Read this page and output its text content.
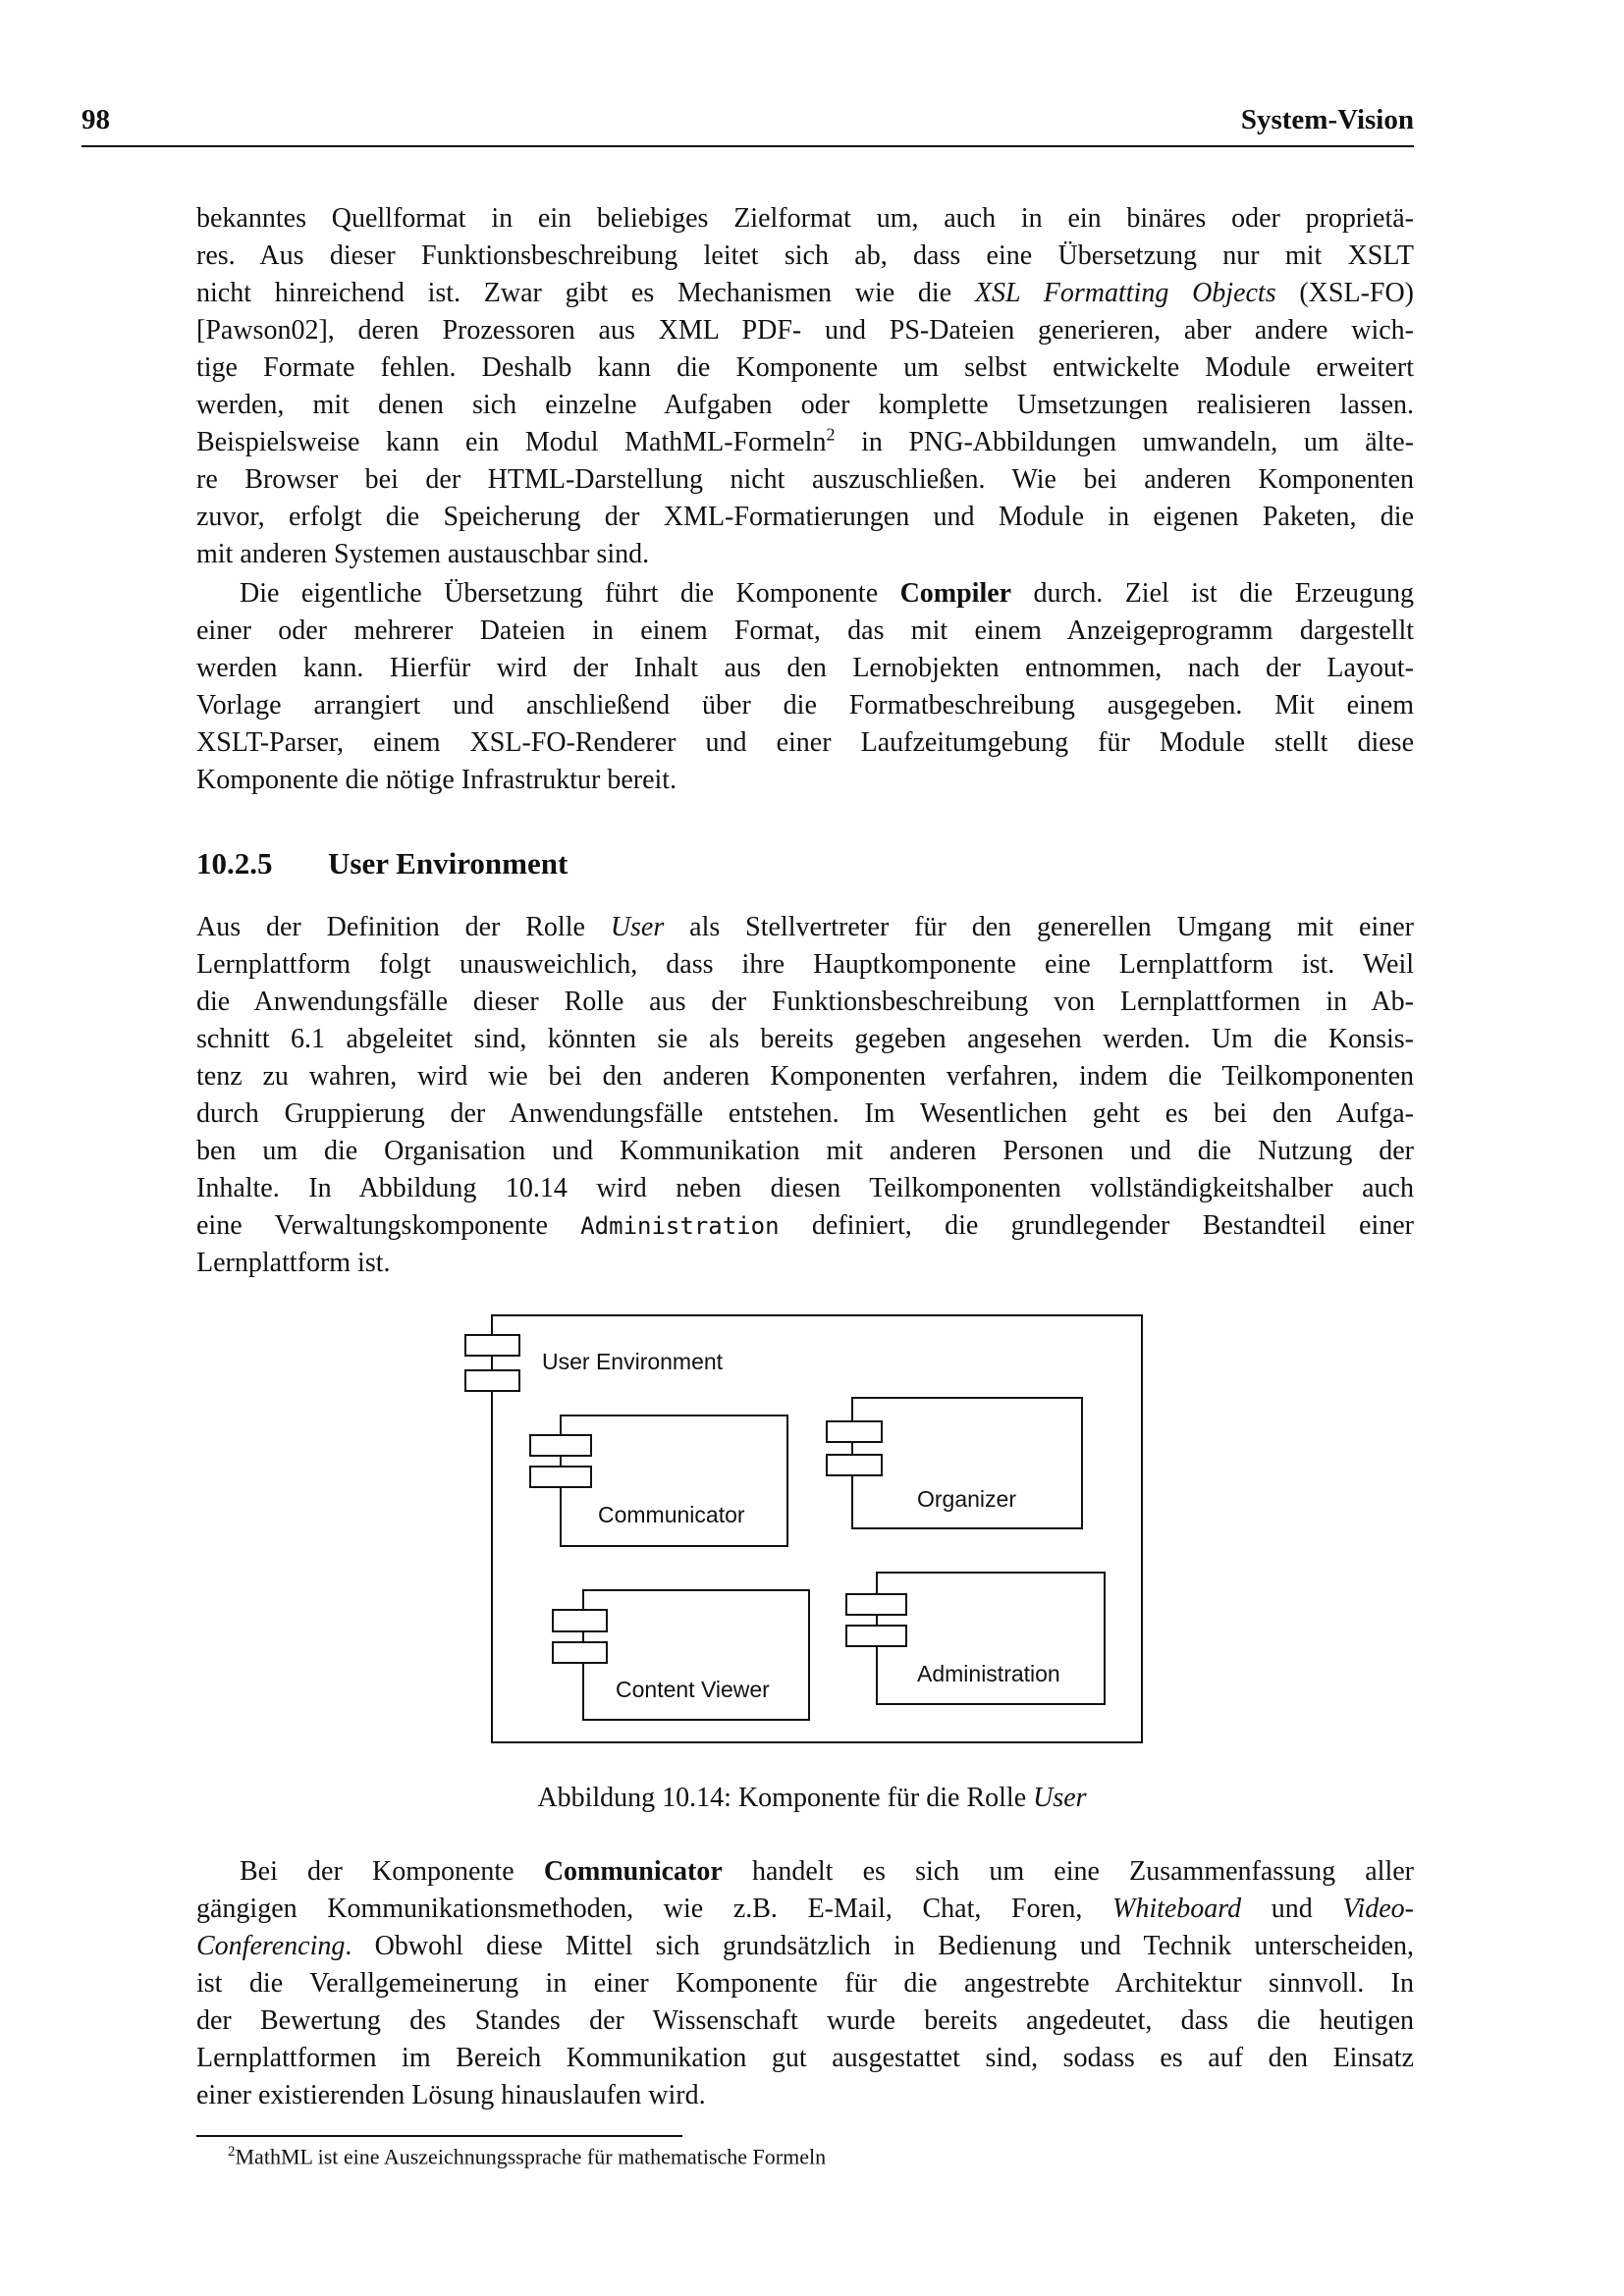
98	System-Vision
bekanntes Quellformat in ein beliebiges Zielformat um, auch in ein binäres oder proprietä-
res. Aus dieser Funktionsbeschreibung leitet sich ab, dass eine Übersetzung nur mit XSLT
nicht hinreichend ist. Zwar gibt es Mechanismen wie die XSL Formatting Objects (XSL-FO)
[Pawson02], deren Prozessoren aus XML PDF- und PS-Dateien generieren, aber andere wich-
tige Formate fehlen. Deshalb kann die Komponente um selbst entwickelte Module erweitert
werden, mit denen sich einzelne Aufgaben oder komplette Umsetzungen realisieren lassen.
Beispielsweise kann ein Modul MathML-Formeln$^2$ in PNG-Abbildungen umwandeln, um älte-
re Browser bei der HTML-Darstellung nicht auszuschließen. Wie bei anderen Komponenten
zuvor, erfolgt die Speicherung der XML-Formatierungen und Module in eigenen Paketen, die
mit anderen Systemen austauschbar sind.
Die eigentliche Übersetzung führt die Komponente Compiler durch. Ziel ist die Erzeugung
einer oder mehrerer Dateien in einem Format, das mit einem Anzeigeprogramm dargestellt
werden kann. Hierfür wird der Inhalt aus den Lernobjekten entnommen, nach der Layout-
Vorlage arrangiert und anschließend über die Formatbeschreibung ausgegeben. Mit einem
XSLT-Parser, einem XSL-FO-Renderer und einer Laufzeitumgebung für Module stellt diese
Komponente die nötige Infrastruktur bereit.
10.2.5 User Environment
Aus der Definition der Rolle User als Stellvertreter für den generellen Umgang mit einer
Lernplattform folgt unausweichlich, dass ihre Hauptkomponente eine Lernplattform ist. Weil
die Anwendungsfälle dieser Rolle aus der Funktionsbeschreibung von Lernplattformen in Ab-
schnitt 6.1 abgeleitet sind, könnten sie als bereits gegeben angesehen werden. Um die Konsis-
tenz zu wahren, wird wie bei den anderen Komponenten verfahren, indem die Teilkomponenten
durch Gruppierung der Anwendungsfälle entstehen. Im Wesentlichen geht es bei den Aufga-
ben um die Organisation und Kommunikation mit anderen Personen und die Nutzung der
Inhalte. In Abbildung 10.14 wird neben diesen Teilkomponenten vollständigkeitshalber auch
eine Verwaltungskomponente Administration definiert, die grundlegender Bestandteil einer
Lernplattform ist.
User Environment
Communicator
Organizer
Content Viewer
Administration
Abbildung 10.14: Komponente für die Rolle User
Bei der Komponente Communicator handelt es sich um eine Zusammenfassung aller
gängigen Kommunikationsmethoden, wie z.B. E-Mail, Chat, Foren, Whiteboard und Video-
Conferencing. Obwohl diese Mittel sich grundsätzlich in Bedienung und Technik unterscheiden,
ist die Verallgemeinerung in einer Komponente für die angestrebte Architektur sinnvoll. In
der Bewertung des Standes der Wissenschaft wurde bereits angedeutet, dass die heutigen
Lernplattformen im Bereich Kommunikation gut ausgestattet sind, sodass es auf den Einsatz
einer existierenden Lösung hinauslaufen wird.
$^2$MathML ist eine Auszeichnungssprache für mathematische Formeln
